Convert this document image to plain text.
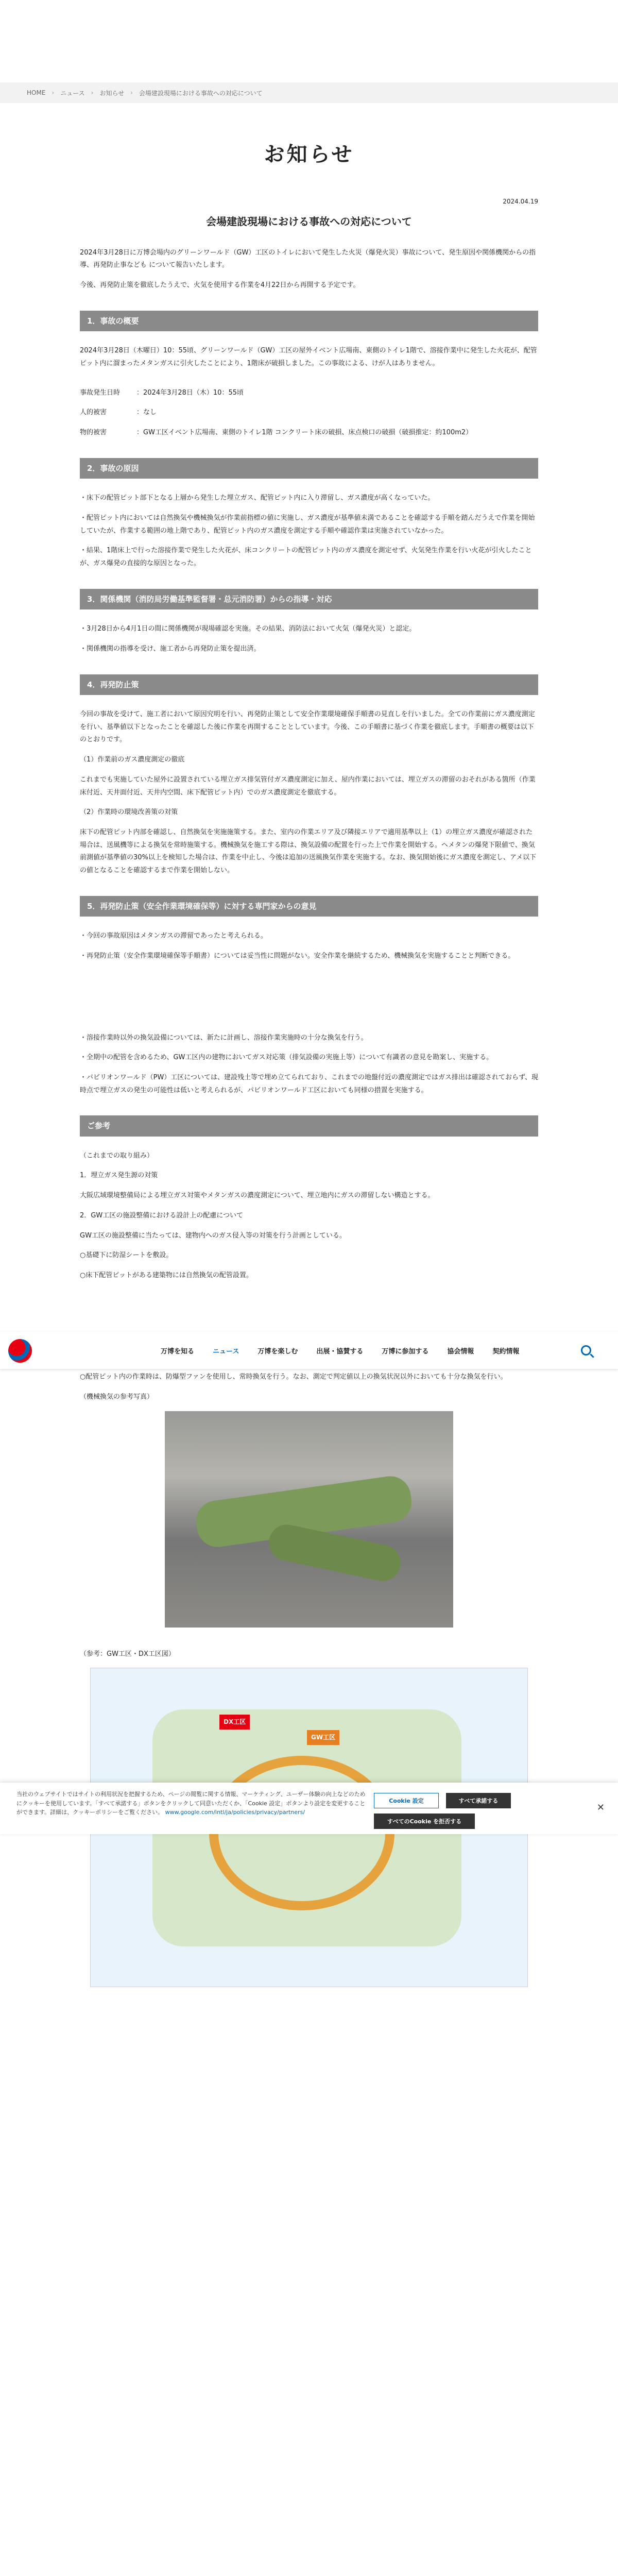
HOME › ニュース › お知らせ › 会場建設現場における事故への対応について
お知らせ
2024.04.19
会場建設現場における事故への対応について

2024年3月28日に万博会場内のグリーンワールド（GW）工区のトイレにおいて発生した火災（爆発火災）事故について、発生原因や関係機関からの指導、再発防止事なども について報告いたします。

今後、再発防止策を徹底したうえで、火気を使用する作業を4月22日から再開する予定です。

1．事故の概要

2024年3月28日（木曜日）10：55頃、グリーンワールド（GW）工区の屋外イベント広場南、東側のトイレ1階で、溶接作業中に発生した火花が、配管ピット内に溜まったメタンガスに引火したことにより、1階床が破損しました。この事故による、けが人はありません。

事故発生日時	：2024年3月28日（木）10：55頃
人的被害	：なし
物的被害	：GW工区イベント広場南、東側のトイレ1階 コンクリート床の破損、床点検口の破損（破損推定：約100m2）
2．事故の原因

・床下の配管ピット部下となる上層から発生した埋立ガス、配管ピット内に入り滞留し、ガス濃度が高くなっていた。

・配管ピット内においては自然換気や機械換気が作業前指標の値に実施し、ガス濃度が基準値未満であることを確認する手順を踏んだうえで作業を開始していたが、作業する範囲の地上階であり、配管ピット内のガス濃度を測定する手順や確認作業は実施されていなかった。

・結果、1階床上で行った溶接作業で発生した火花が、床コンクリートの配管ピット内のガス濃度を測定せず、火気発生作業を行い火花が引火したことが、ガス爆発の直接的な原因となった。

3．関係機関（消防局労働基準監督署・总元消防署）からの指導・対応

・3月28日から4月1日の間に関係機関が現場確認を実施。その結果、消防法において火気（爆発火災）と認定。

・関係機関の指導を受け、施工者から再発防止策を提出済。

4．再発防止策

今回の事故を受けて、施工者において原因究明を行い、再発防止策として安全作業環境確保手順書の見直しを行いました。全ての作業前にガス濃度測定を行い、基準値以下となったことを確認した後に作業を再開することとしています。今後、この手順書に基づく作業を徹底します。手順書の概要は以下のとおりです。

（1）作業前のガス濃度測定の徹底

これまでも実施していた屋外に設置されている埋立ガス排気管付ガス濃度測定に加え、屋内作業においては、埋立ガスの滞留のおそれがある箇所（作業床付近、天井面付近、天井内空間、床下配管ピット内）でのガス濃度測定を徹底する。

（2）作業時の環境改善策の対策

床下の配管ピット内部を確認し、自然換気を実施施策する。また、室内の作業エリア及び隣接エリアで適用基準以上（1）の埋立ガス濃度が確認された場合は、送風機等による換気を常時施策する。機械換気を施工する際は、換気設備の配置を行った上で作業を開始する。ヘメタンの爆発下限値で、換気前測値が基準値の30%以上を検知した場合は、作業を中止し、今後は追加の送風換気作業を実施する。なお、換気開始後にガス濃度を測定し、アメ以下の値となることを確認するまで作業を開始しない。

5．再発防止策（安全作業環境確保等）に対する専門家からの意見

・今回の事故原因はメタンガスの滞留であったと考えられる。

・再発防止策（安全作業環境確保等手順書）については妥当性に問題がない。安全作業を継続するため、機械換気を実施することと判断できる。

・溶接作業時以外の換気設備については、新たに計画し、溶接作業実施時の十分な換気を行う。

・全期中の配管を含めるため、GW工区内の建物においてガス対応策（排気設備の実施上等）について有識者の意見を勘案し、実施する。

・パビリオンワールド（PW）工区については、建設残土等で埋め立てられており、これまでの地盤付近の濃度測定ではガス排出は確認されておらず、現時点で埋立ガスの発生の可能性は低いと考えられるが、パビリオンワールド工区においても同様の措置を実施する。

ご参考

（これまでの取り組み）

1．埋立ガス発生源の対策

大阪広域環境整備局による埋立ガス対策やメタンガスの濃度測定について、埋立地内にガスの滞留しない構造とする。

2．GW工区の施設整備における設計上の配慮について

GW工区の施設整備に当たっては、建物内へのガス侵入等の対策を行う計画としている。

○基礎下に防湿シートを敷設。

○床下配管ピットがある建築物には自然換気の配管設置。

○配管ピット内の作業時は、防爆型ファンを使用し、常時換気を行う。なお、測定で判定値以上の換気状況以外においても十分な換気を行い。

（機械換気の参考写真）

（参考：GW工区・DX工区図）

GW工区
DX工区
万博を知る	ニュース	万博を楽しむ	出展・協賛する	万博に参加する	協会情報	契約情報
当社のウェブサイトではサイトの利用状況を把握するため、ページの閲覧に関する情報、マーケティング、ユーザー体験の向上などのためにクッキーを使用しています。「すべて承諾する」ボタンをクリックして同意いただくか、「Cookie 設定」ボタンより設定を変更することができます。詳細は、クッキーポリシーをご覧ください。 www.google.com/intl/ja/policies/privacy/partners/
Cookie 設定	すべて承諾する
すべてのCookie を拒否する
✕
